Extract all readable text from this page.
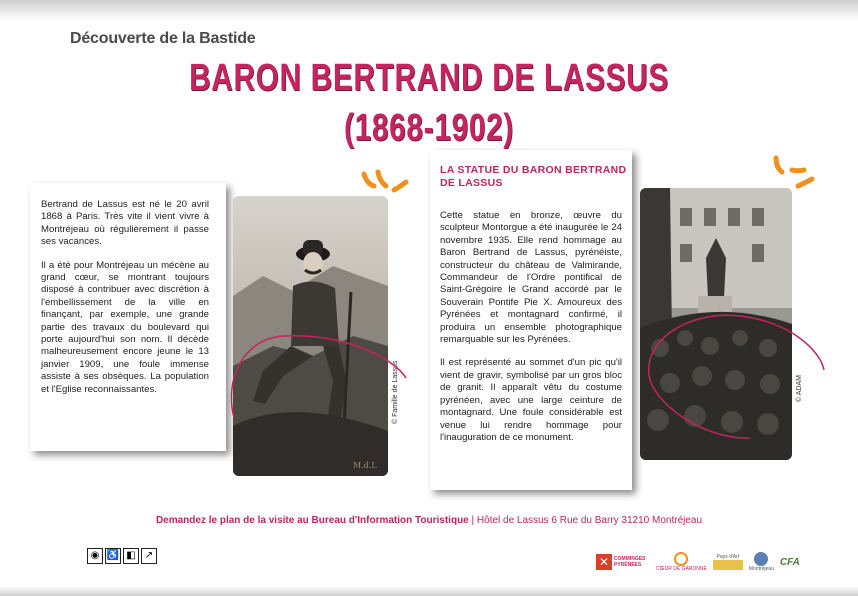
Découverte de la Bastide
BARON BERTRAND DE LASSUS
(1868-1902)

Bertrand de Lassus est né le 20 avril 1868 à Paris. Très vite il vient vivre à Montréjeau où régulièrement il passe ses vacances.

Il a été pour Montréjeau un mécène au grand cœur, se montrant toujours disposé à contribuer avec discrétion à l'embellissement de la ville en finançant, par exemple, une grande partie des travaux du boulevard qui porte aujourd'hui son nom. Il décède malheureusement encore jeune le 13 janvier 1909, une foule immense assiste à ses obsèques. La population et l'Eglise reconnaissantes.

M.d.L
© Famille de Lassus
LA STATUE DU BARON BERTRAND DE LASSUS

Cette statue en bronze, œuvre du sculpteur Montorgue a été inaugurée le 24 novembre 1935. Elle rend hommage au Baron Bertrand de Lassus, pyrénéiste, constructeur du château de Valmirande, Commandeur de l'Ordre pontifical de Saint-Grégoire le Grand accordé par le Souverain Pontife Pie X. Amoureux des Pyrénées et montagnard confirmé, il produira un ensemble photographique remarquable sur les Pyrénées.

Il est représenté au sommet d'un pic qu'il vient de gravir, symbolisé par un gros bloc de granit. Il apparaît vêtu du costume pyrénéen, avec une large ceinture de montagnard. Une foule considérable est venue lui rendre hommage pour l'inauguration de ce monument.

© ADAM
Demandez le plan de la visite au Bureau d'Information Touristique | Hôtel de Lassus 6 Rue du Barry 31210 Montréjeau
◉ ♿ ◧ ↗	✕ COMMINGES PYRÉNÉES
CŒUR DE GARONNE
Pays d'Art
Montréjeau
CFA
